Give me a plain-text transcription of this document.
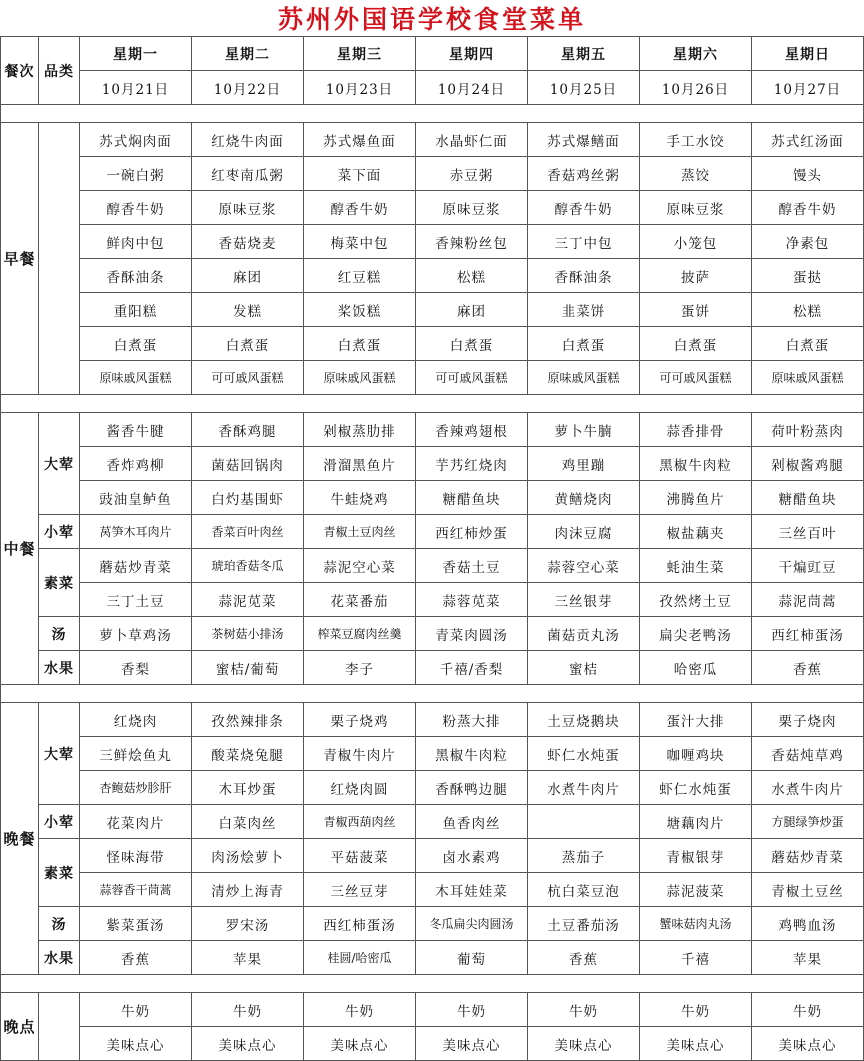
苏州外国语学校食堂菜单
餐次	品类	星期一	星期二	星期三	星期四	星期五	星期六	星期日
		10月21日	10月22日	10月23日	10月24日	10月25日	10月26日	10月27日

早餐		苏式焖肉面	红烧牛肉面	苏式爆鱼面	水晶虾仁面	苏式爆鳝面	手工水饺	苏式红汤面
		一碗白粥	红枣南瓜粥	菜下面	赤豆粥	香菇鸡丝粥	蒸饺	馒头
		醇香牛奶	原味豆浆	醇香牛奶	原味豆浆	醇香牛奶	原味豆浆	醇香牛奶
		鲜肉中包	香菇烧麦	梅菜中包	香辣粉丝包	三丁中包	小笼包	净素包
		香酥油条	麻团	红豆糕	松糕	香酥油条	披萨	蛋挞
		重阳糕	发糕	桨饭糕	麻团	韭菜饼	蛋饼	松糕
		白煮蛋	白煮蛋	白煮蛋	白煮蛋	白煮蛋	白煮蛋	白煮蛋
		原味戚风蛋糕	可可戚风蛋糕	原味戚风蛋糕	可可戚风蛋糕	原味戚风蛋糕	可可戚风蛋糕	原味戚风蛋糕

中餐	大荤	酱香牛腱	香酥鸡腿	剁椒蒸肋排	香辣鸡翅根	萝卜牛腩	蒜香排骨	荷叶粉蒸肉
		香炸鸡柳	菌菇回锅肉	滑溜黑鱼片	芋艿红烧肉	鸡里蹦	黑椒牛肉粒	剁椒酱鸡腿
		豉油皇鲈鱼	白灼基围虾	牛蛙烧鸡	糖醋鱼块	黄鳝烧肉	沸腾鱼片	糖醋鱼块
	小荤	莴笋木耳肉片	香菜百叶肉丝	青椒土豆肉丝	西红柿炒蛋	肉沫豆腐	椒盐藕夹	三丝百叶
	素菜	蘑菇炒青菜	琥珀香菇冬瓜	蒜泥空心菜	香菇土豆	蒜蓉空心菜	蚝油生菜	干煸豇豆
		三丁土豆	蒜泥苋菜	花菜番茄	蒜蓉苋菜	三丝银芽	孜然烤土豆	蒜泥茼蒿
	汤	萝卜草鸡汤	茶树菇小排汤	榨菜豆腐肉丝羹	青菜肉圆汤	菌菇贡丸汤	扁尖老鸭汤	西红柿蛋汤
	水果	香梨	蜜桔/葡萄	李子	千禧/香梨	蜜桔	哈密瓜	香蕉

晚餐	大荤	红烧肉	孜然辣排条	栗子烧鸡	粉蒸大排	土豆烧鹅块	蛋汁大排	栗子烧肉
		三鲜烩鱼丸	酸菜烧兔腿	青椒牛肉片	黑椒牛肉粒	虾仁水炖蛋	咖喱鸡块	香菇炖草鸡
		杏鲍菇炒胗肝	木耳炒蛋	红烧肉圆	香酥鸭边腿	水煮牛肉片	虾仁水炖蛋	水煮牛肉片
	小荤	花菜肉片	白菜肉丝	青椒西葫肉丝	鱼香肉丝		塘藕肉片	方腿绿笋炒蛋
	素菜	怪味海带	肉汤烩萝卜	平菇菠菜	卤水素鸡	蒸茄子	青椒银芽	蘑菇炒青菜
		蒜蓉香干茼蒿	清炒上海青	三丝豆芽	木耳娃娃菜	杭白菜豆泡	蒜泥菠菜	青椒土豆丝
	汤	紫菜蛋汤	罗宋汤	西红柿蛋汤	冬瓜扁尖肉圆汤	土豆番茄汤	蟹味菇肉丸汤	鸡鸭血汤
	水果	香蕉	苹果	桂圆/哈密瓜	葡萄	香蕉	千禧	苹果

晚点		牛奶	牛奶	牛奶	牛奶	牛奶	牛奶	牛奶
		美味点心	美味点心	美味点心	美味点心	美味点心	美味点心	美味点心
